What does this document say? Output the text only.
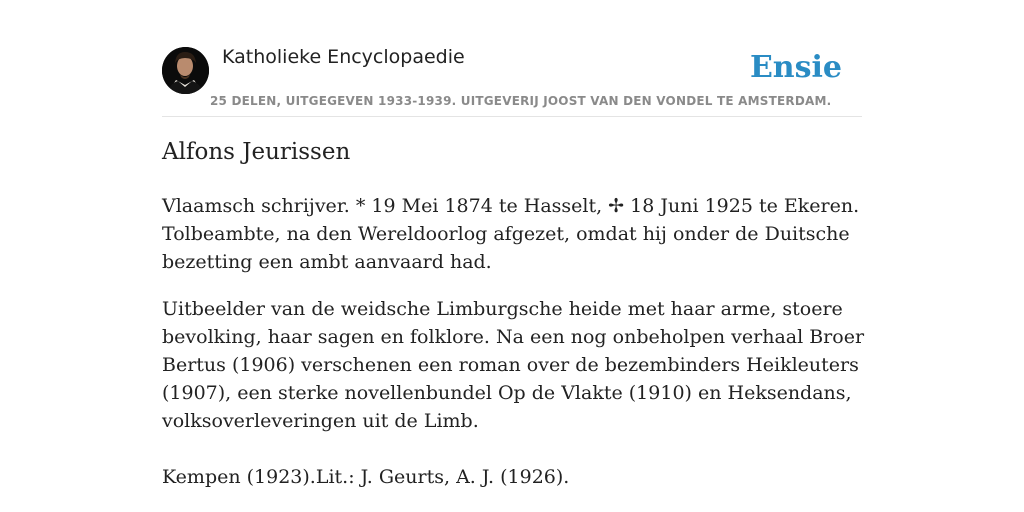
Katholieke Encyclopaedie
25 DELEN, UITGEGEVEN 1933-1939. UITGEVERIJ JOOST VAN DEN VONDEL TE AMSTERDAM.
Ensie
Alfons Jeurissen

Vlaamsch schrijver. * 19 Mei 1874 te Hasselt, ✢ 18 Juni 1925 te Ekeren. Tolbeambte, na den Wereldoorlog afgezet, omdat hij onder de Duitsche bezetting een ambt aanvaard had.

Uitbeelder van de weidsche Limburgsche heide met haar arme, stoere bevolking, haar sagen en folklore. Na een nog onbeholpen verhaal Broer Bertus (1906) verschenen een roman over de bezembinders Heikleuters (1907), een sterke novellenbundel Op de Vlakte (1910) en Heksendans, volksoverleveringen uit de Limb.

Kempen (1923).Lit.: J. Geurts, A. J. (1926).
